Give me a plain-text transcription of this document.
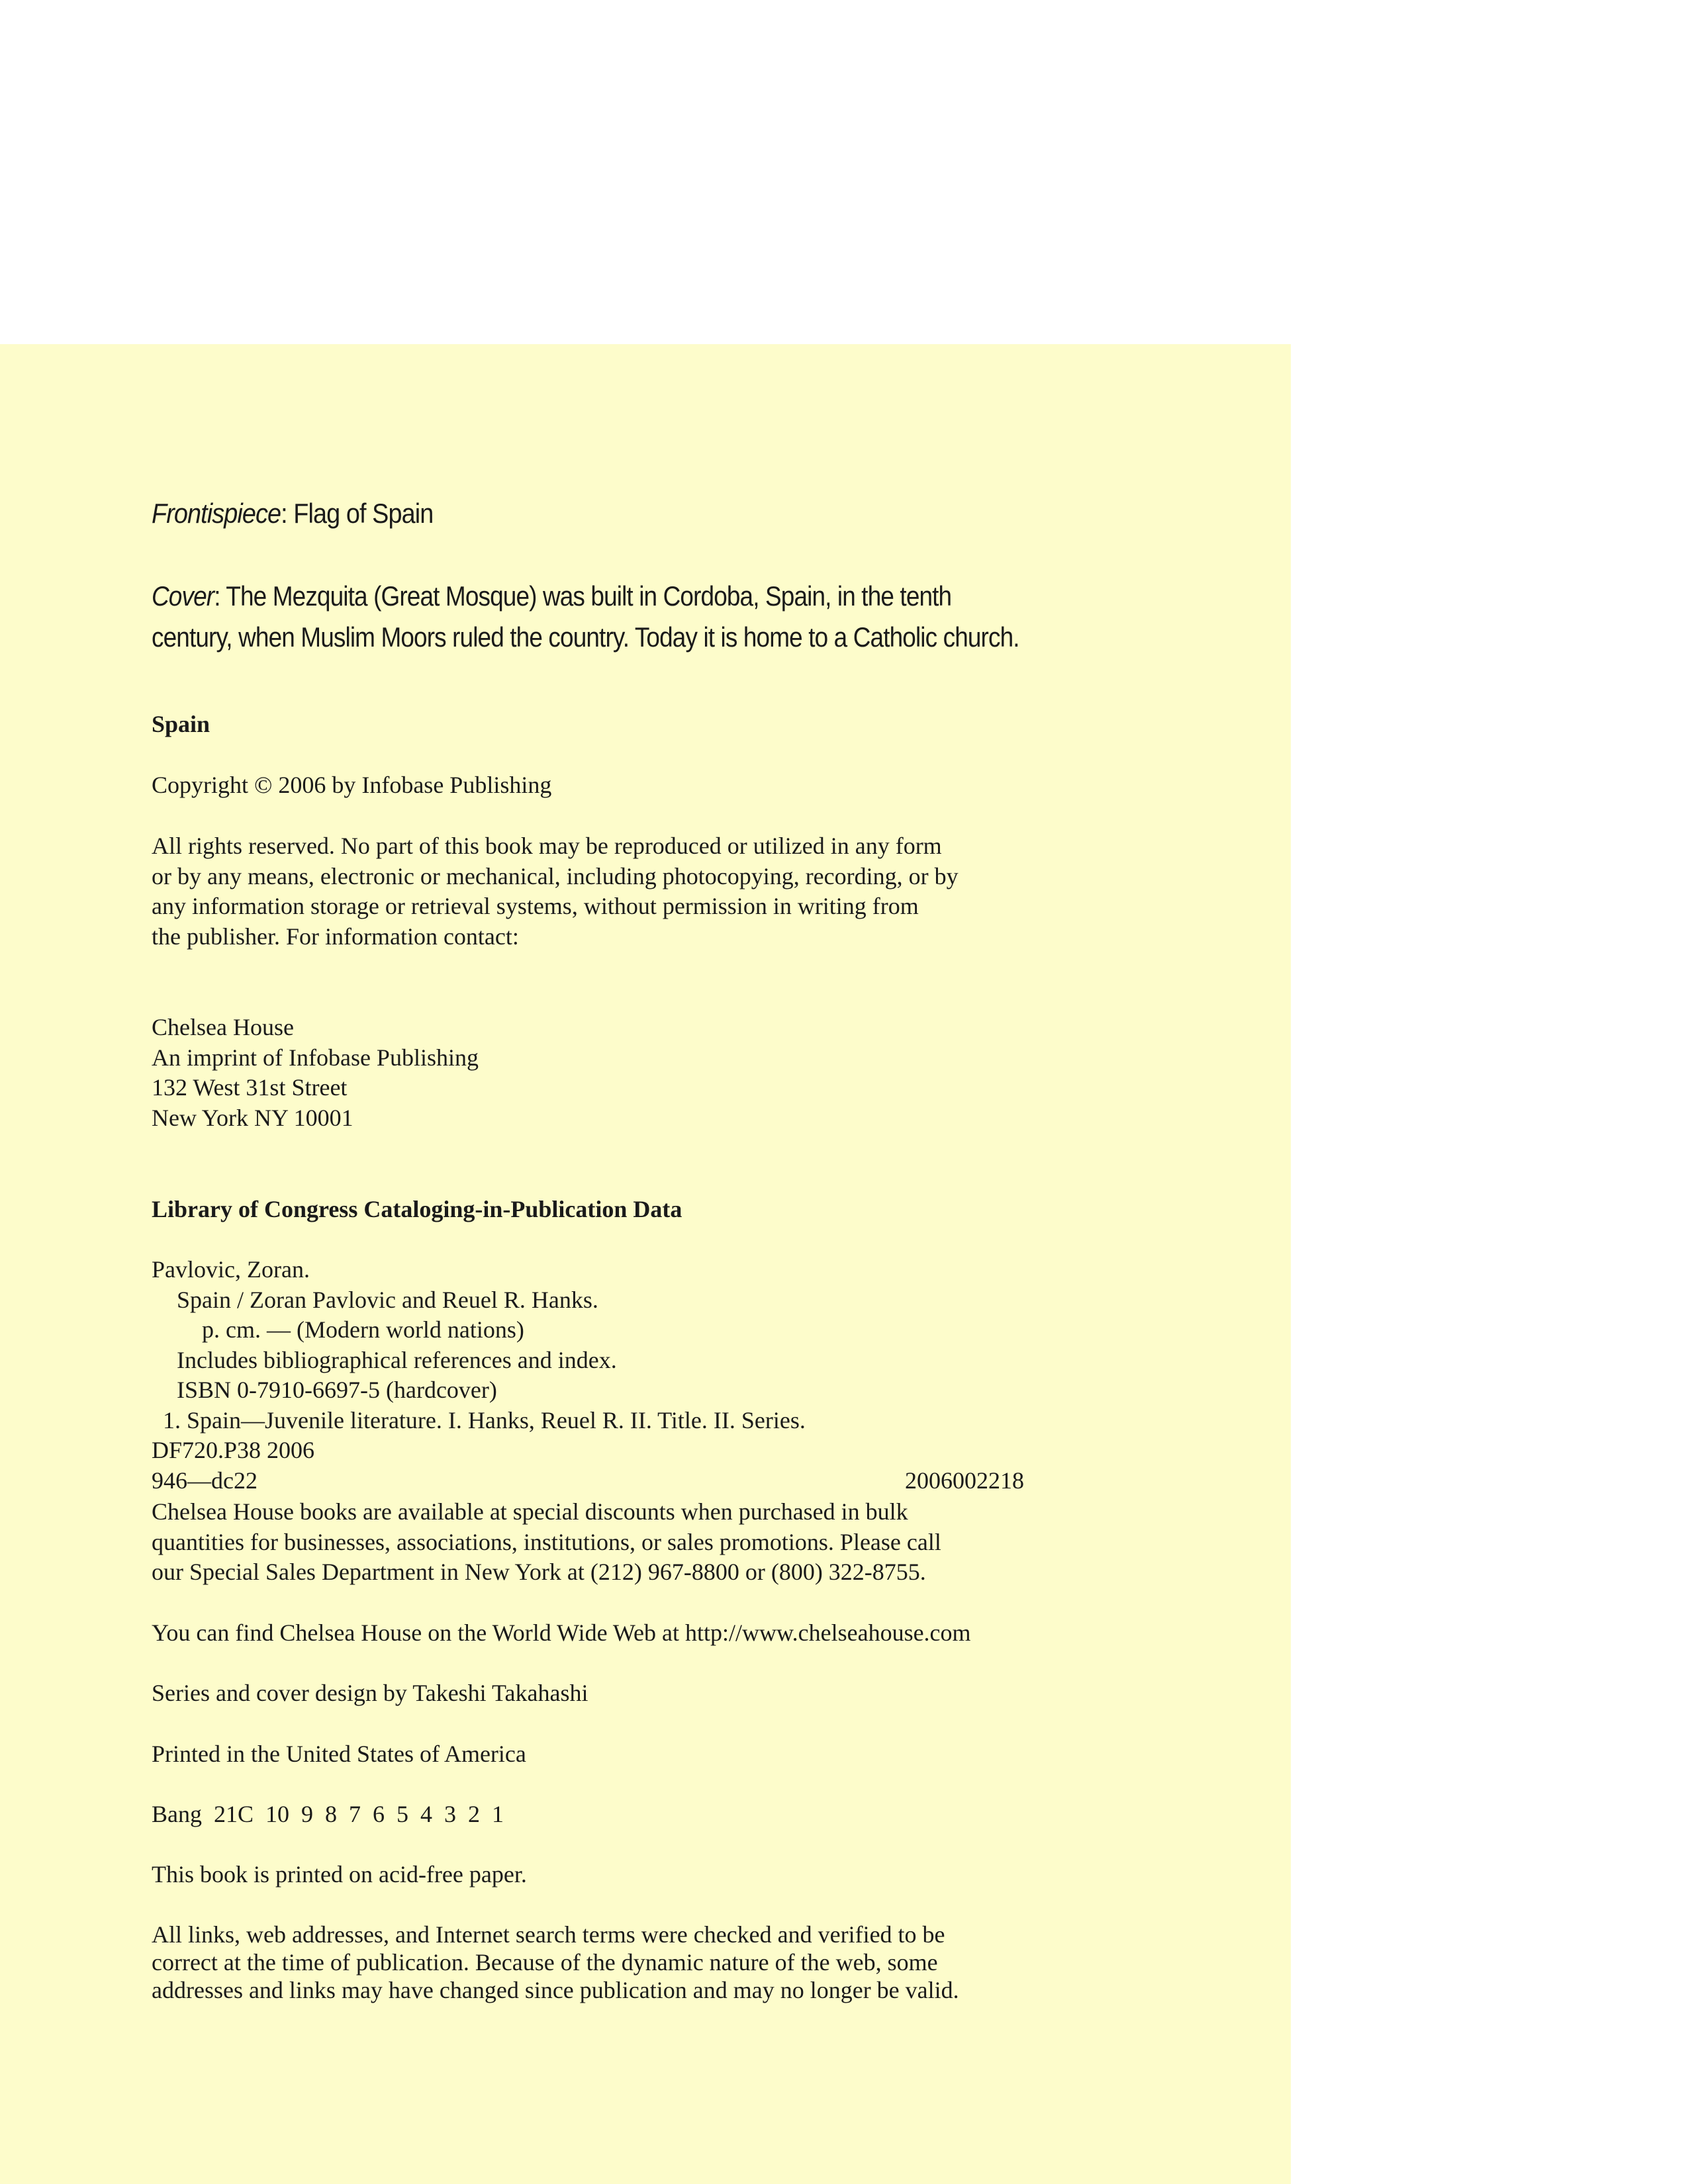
Frontispiece: Flag of Spain
Cover: The Mezquita (Great Mosque) was built in Cordoba, Spain, in the tenth
century, when Muslim Moors ruled the country. Today it is home to a Catholic church.
Spain
Copyright © 2006 by Infobase Publishing
All rights reserved. No part of this book may be reproduced or utilized in any form
or by any means, electronic or mechanical, including photocopying, recording, or by
any information storage or retrieval systems, without permission in writing from
the publisher. For information contact:
Chelsea House
An imprint of Infobase Publishing
132 West 31st Street
New York NY 10001
Library of Congress Cataloging-in-Publication Data
Pavlovic, Zoran.
Spain / Zoran Pavlovic and Reuel R. Hanks.
p. cm. — (Modern world nations)
Includes bibliographical references and index.
ISBN 0-7910-6697-5 (hardcover)
1. Spain—Juvenile literature. I. Hanks, Reuel R. II. Title. II. Series.
DF720.P38 2006
946—dc22	2006002218
Chelsea House books are available at special discounts when purchased in bulk
quantities for businesses, associations, institutions, or sales promotions. Please call
our Special Sales Department in New York at (212) 967-8800 or (800) 322-8755.
You can find Chelsea House on the World Wide Web at http://www.chelseahouse.com
Series and cover design by Takeshi Takahashi
Printed in the United States of America
Bang  21C  10  9  8  7  6  5  4  3  2  1
This book is printed on acid-free paper.
All links, web addresses, and Internet search terms were checked and verified to be
correct at the time of publication. Because of the dynamic nature of the web, some
addresses and links may have changed since publication and may no longer be valid.
